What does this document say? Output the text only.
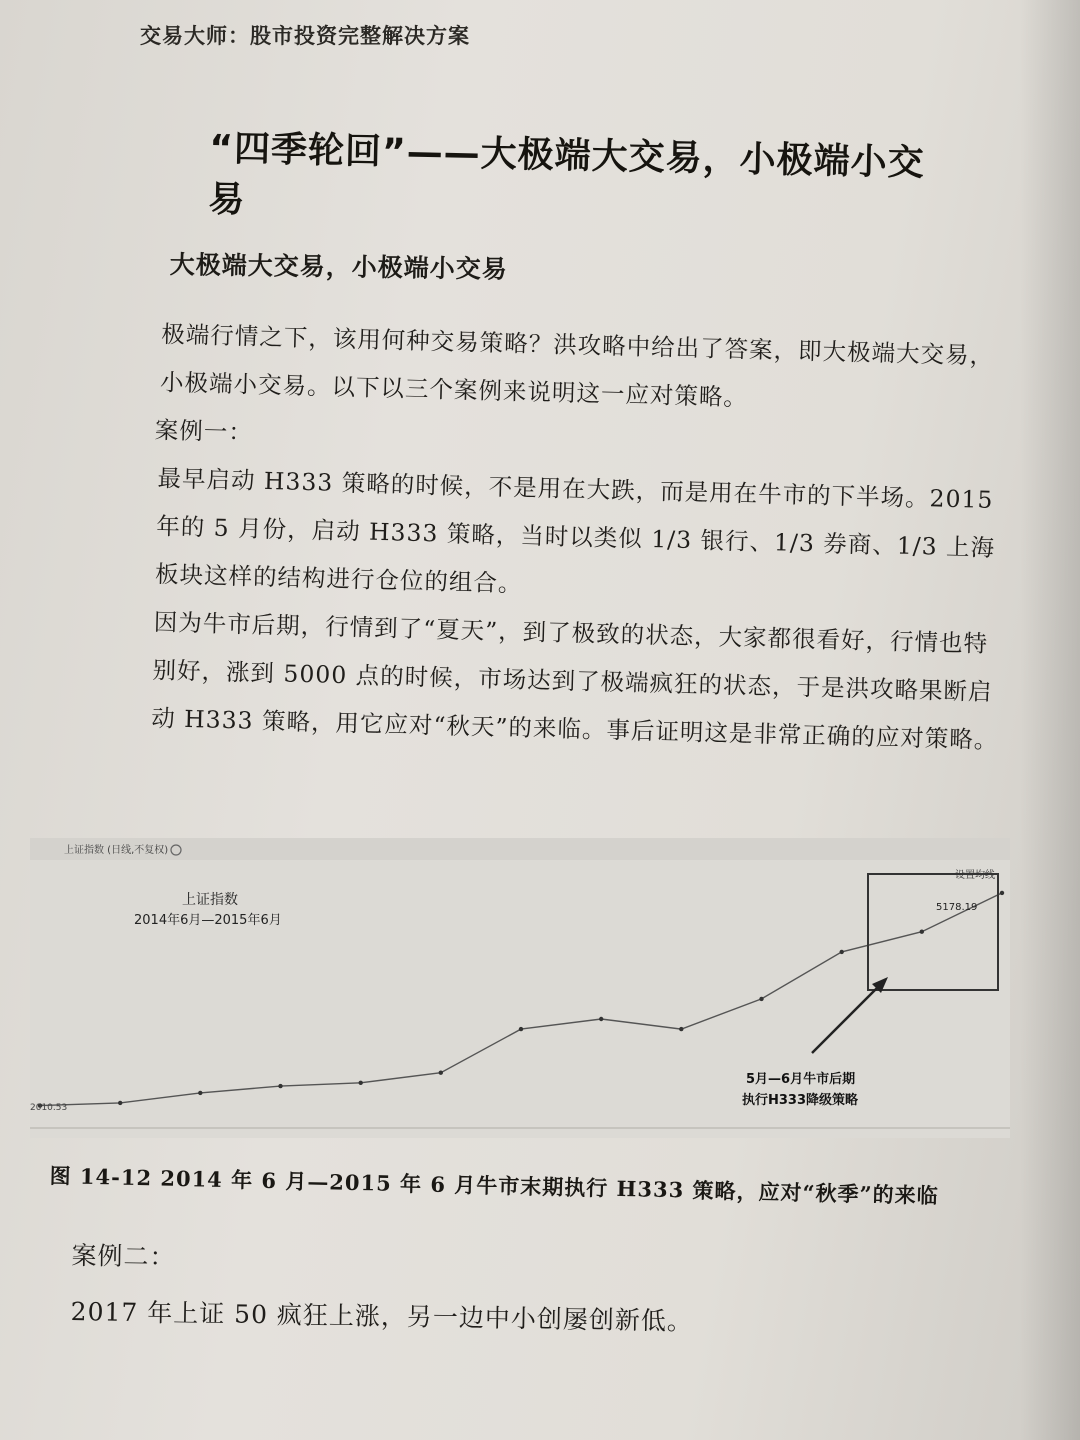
交易大师：股市投资完整解决方案
“四季轮回”——大极端大交易，小极端小交易
大极端大交易，小极端小交易

极端行情之下，该用何种交易策略？洪攻略中给出了答案，即大极端大交易，小极端小交易。以下以三个案例来说明这一应对策略。

案例一：

最早启动 H333 策略的时候，不是用在大跌，而是用在牛市的下半场。2015 年的 5 月份，启动 H333 策略，当时以类似 1/3 银行、1/3 券商、1/3 上海板块这样的结构进行仓位的组合。

因为牛市后期，行情到了“夏天”，到了极致的状态，大家都很看好，行情也特别好，涨到 5000 点的时候，市场达到了极端疯狂的状态，于是洪攻略果断启动 H333 策略，用它应对“秋天”的来临。事后证明这是非常正确的应对策略。

上证指数 (日线,不复权)
设置均线
上证指数
2014年6月—2015年6月
5178.19
2010.53
5月—6月牛市后期
执行H333降级策略
图 14-12 2014 年 6 月—2015 年 6 月牛市末期执行 H333 策略，应对“秋季”的来临

案例二：

2017 年上证 50 疯狂上涨，另一边中小创屡创新低。
